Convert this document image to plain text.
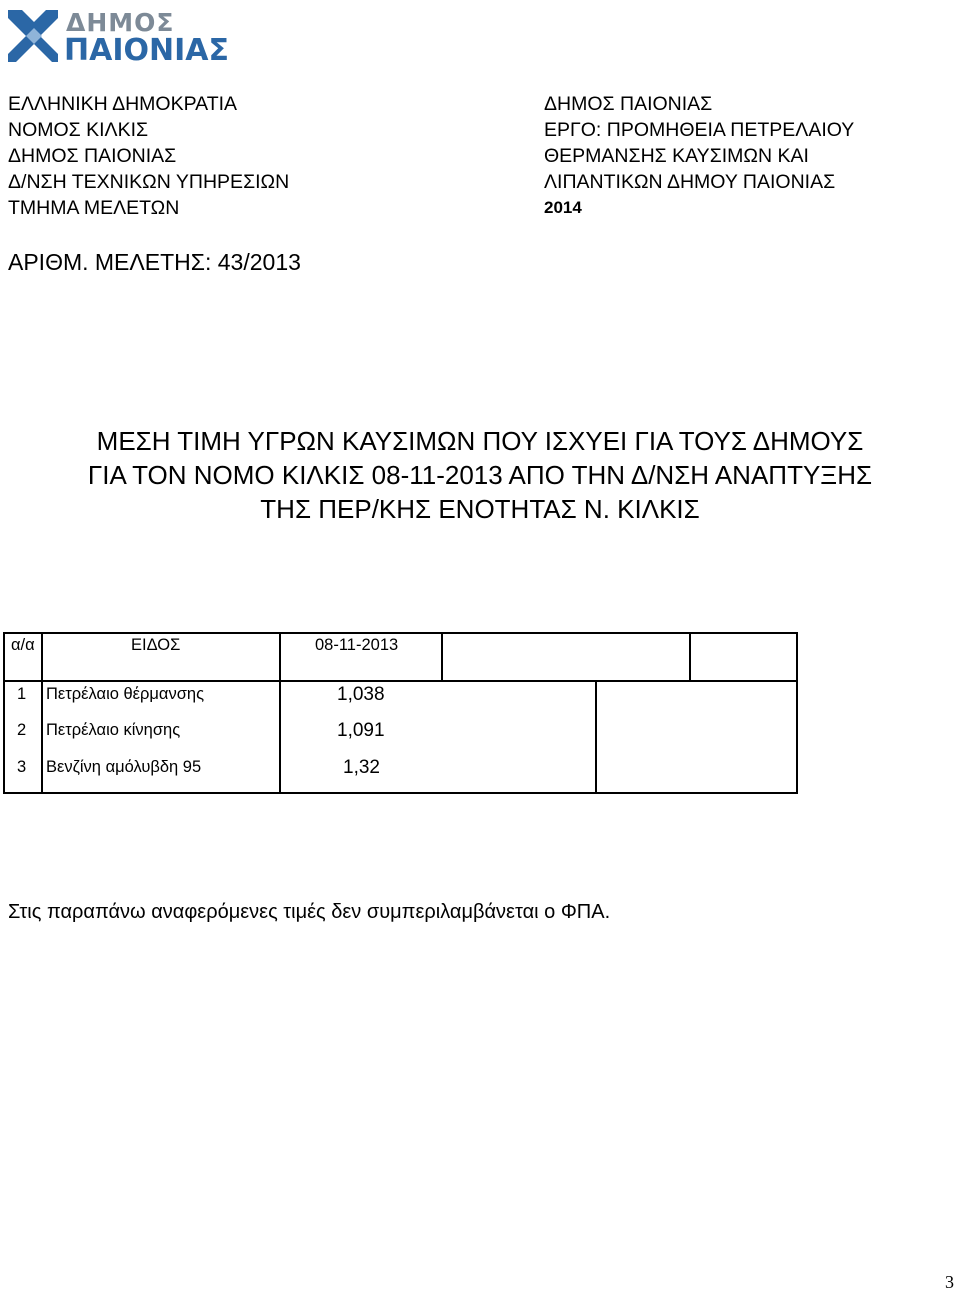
ΔΗΜΟΣ
ΠΑΙΟΝΙΑΣ
ΕΛΛΗΝΙΚΗ ΔΗΜΟΚΡΑΤΙΑ
ΝΟΜΟΣ ΚΙΛΚΙΣ
ΔΗΜΟΣ ΠΑΙΟΝΙΑΣ
Δ/ΝΣΗ ΤΕΧΝΙΚΩΝ ΥΠΗΡΕΣΙΩΝ
ΤΜΗΜΑ ΜΕΛΕΤΩΝ
ΔΗΜΟΣ ΠΑΙΟΝΙΑΣ
ΕΡΓΟ: ΠΡΟΜΗΘΕΙΑ ΠΕΤΡΕΛΑΙΟΥ
ΘΕΡΜΑΝΣΗΣ ΚΑΥΣΙΜΩΝ ΚΑΙ
ΛΙΠΑΝΤΙΚΩΝ ΔΗΜΟΥ ΠΑΙΟΝΙΑΣ
2014
ΑΡΙΘΜ. ΜΕΛΕΤΗΣ: 43/2013
ΜΕΣΗ ΤΙΜΗ ΥΓΡΩΝ ΚΑΥΣΙΜΩΝ ΠΟΥ ΙΣΧΥΕΙ ΓΙΑ ΤΟΥΣ ΔΗΜΟΥΣ
ΓΙΑ ΤΟΝ ΝΟΜΟ ΚΙΛΚΙΣ 08-11-2013 ΑΠΟ ΤΗΝ Δ/ΝΣΗ ΑΝΑΠΤΥΞΗΣ
ΤΗΣ ΠΕΡ/ΚΗΣ ΕΝΟΤΗΤΑΣ Ν. ΚΙΛΚΙΣ
α/α	ΕΙΔΟΣ	08-11-2013
1 Πετρέλαιο θέρμανσης	1,038
2 Πετρέλαιο κίνησης	1,091
3 Βενζίνη αμόλυβδη 95	1,32
Στις παραπάνω αναφερόμενες τιμές δεν συμπεριλαμβάνεται ο ΦΠΑ.
3
